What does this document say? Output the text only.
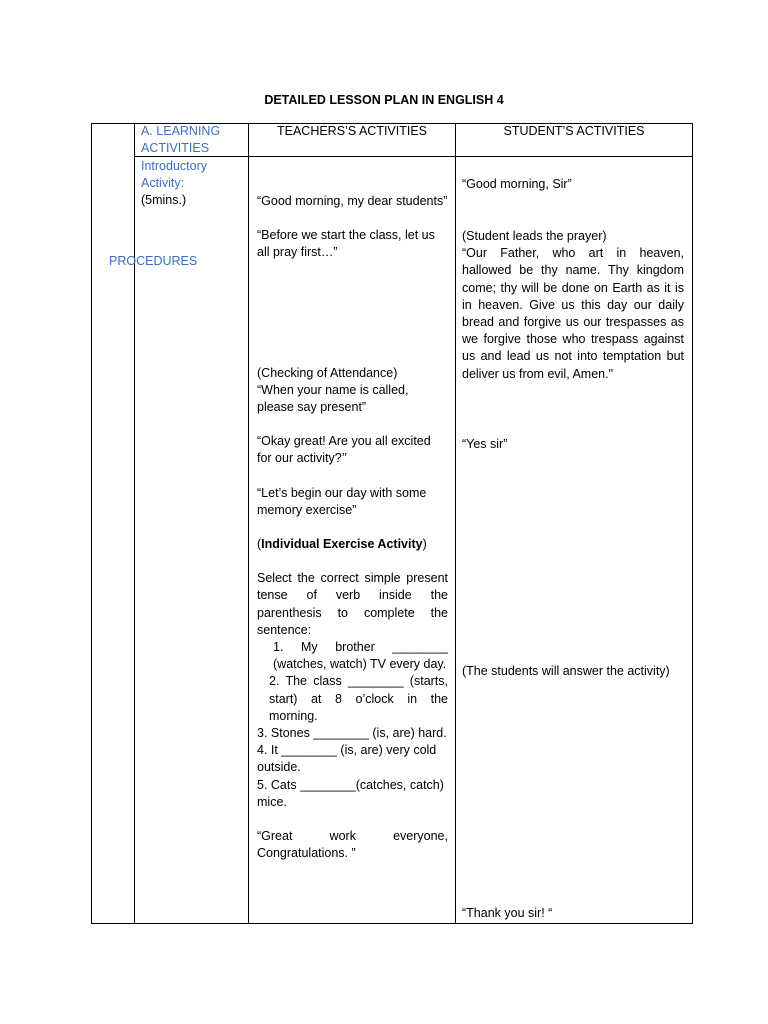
DETAILED LESSON PLAN IN ENGLISH 4
PROCEDURES
A. LEARNING
ACTIVITIES
Introductory
Activity:
(5mins.)
TEACHERS’S ACTIVITIES	STUDENT’S ACTIVITIES

“Good morning, my dear students”

“Before we start the class, let us all pray first…”

(Checking of Attendance)

“When your name is called, please say present”

“Okay great! Are you all excited for our activity?’’

“Let’s begin our day with some memory exercise”

(Individual Exercise Activity)

Select the correct simple present tense of verb inside the parenthesis to complete the sentence:

1. My brother ________ (watches, watch) TV every day.
2. The class ________ (starts, start) at 8 o’clock in the morning.
3. Stones ________ (is, are) hard.
4. It ________ (is, are) very cold outside.
5. Cats ________(catches, catch) mice.

“Great work everyone, Congratulations. ”

“Good morning, Sir”

(Student leads the prayer)

“Our Father, who art in heaven, hallowed be thy name. Thy kingdom come; thy will be done on Earth as it is in heaven. Give us this day our daily bread and forgive us our trespasses as we forgive those who trespass against us and lead us not into temptation but deliver us from evil, Amen."

“Yes sir”
(The students will answer the activity)
“Thank you sir! “
